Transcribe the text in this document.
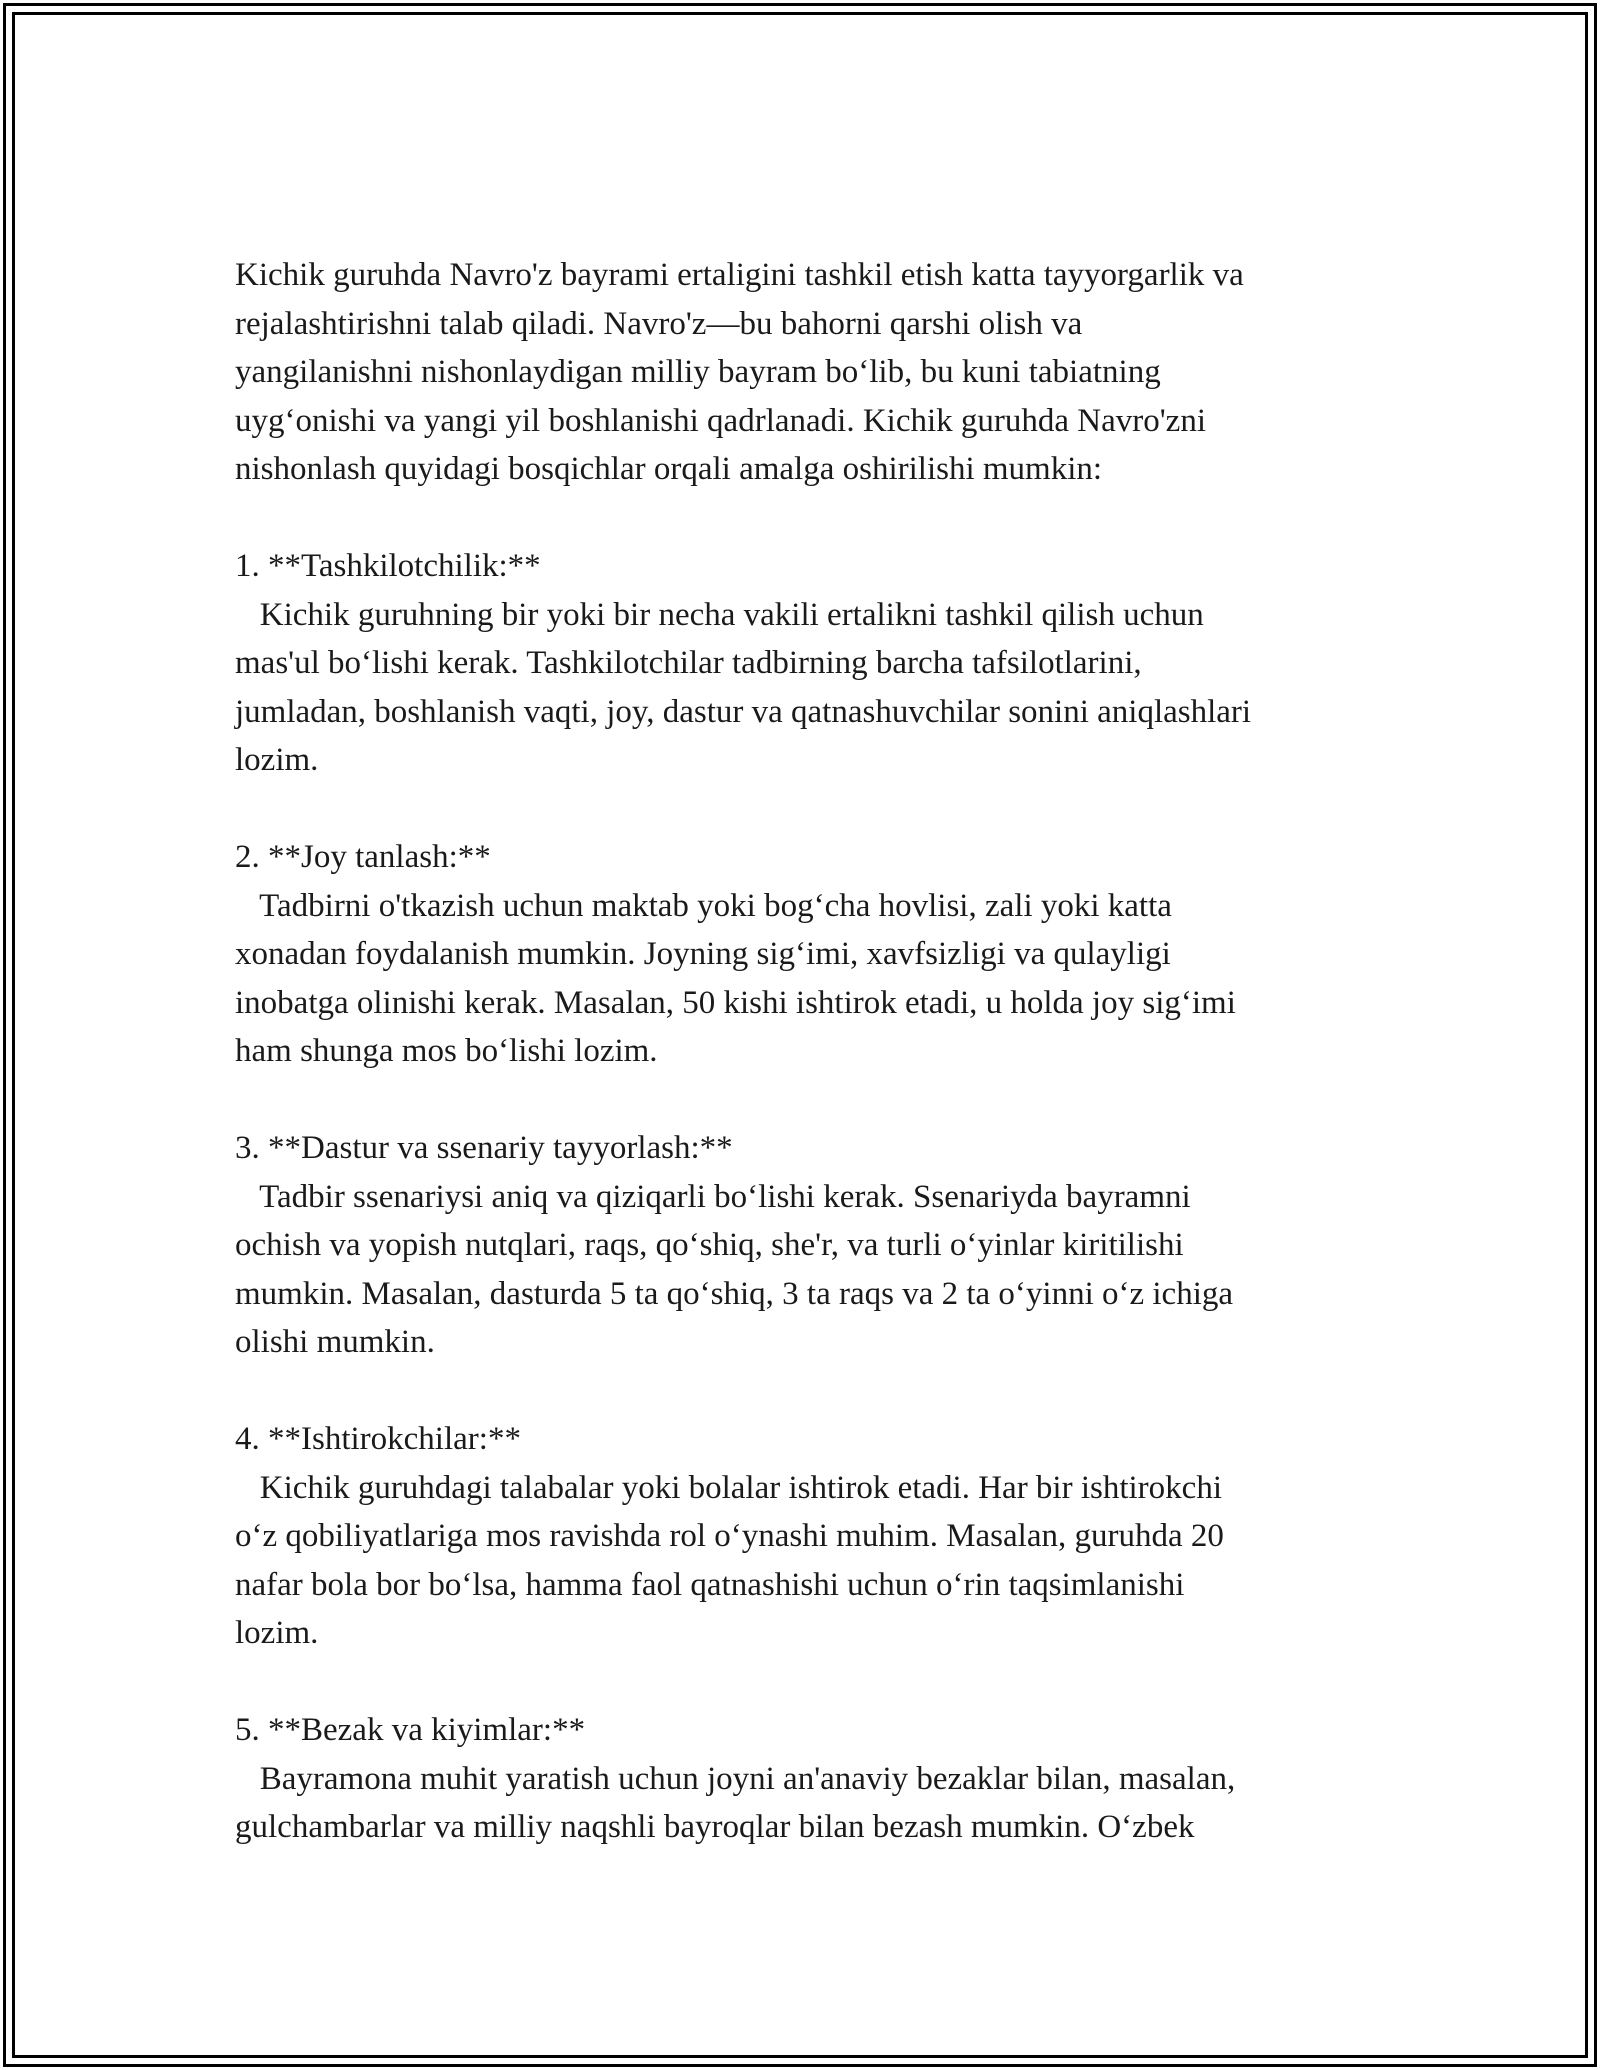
Kichik guruhda Navro'z bayrami ertaligini tashkil etish katta tayyorgarlik va
rejalashtirishni talab qiladi. Navro'z—bu bahorni qarshi olish va
yangilanishni nishonlaydigan milliy bayram bo‘lib, bu kuni tabiatning
uyg‘onishi va yangi yil boshlanishi qadrlanadi. Kichik guruhda Navro'zni
nishonlash quyidagi bosqichlar orqali amalga oshirilishi mumkin:
1. **Tashkilotchilik:**
Kichik guruhning bir yoki bir necha vakili ertalikni tashkil qilish uchun
mas'ul bo‘lishi kerak. Tashkilotchilar tadbirning barcha tafsilotlarini,
jumladan, boshlanish vaqti, joy, dastur va qatnashuvchilar sonini aniqlashlari
lozim.
2. **Joy tanlash:**
Tadbirni o'tkazish uchun maktab yoki bog‘cha hovlisi, zali yoki katta
xonadan foydalanish mumkin. Joyning sig‘imi, xavfsizligi va qulayligi
inobatga olinishi kerak. Masalan, 50 kishi ishtirok etadi, u holda joy sig‘imi
ham shunga mos bo‘lishi lozim.
3. **Dastur va ssenariy tayyorlash:**
Tadbir ssenariysi aniq va qiziqarli bo‘lishi kerak. Ssenariyda bayramni
ochish va yopish nutqlari, raqs, qo‘shiq, she'r, va turli o‘yinlar kiritilishi
mumkin. Masalan, dasturda 5 ta qo‘shiq, 3 ta raqs va 2 ta o‘yinni o‘z ichiga
olishi mumkin.
4. **Ishtirokchilar:**
Kichik guruhdagi talabalar yoki bolalar ishtirok etadi. Har bir ishtirokchi
o‘z qobiliyatlariga mos ravishda rol o‘ynashi muhim. Masalan, guruhda 20
nafar bola bor bo‘lsa, hamma faol qatnashishi uchun o‘rin taqsimlanishi
lozim.
5. **Bezak va kiyimlar:**
Bayramona muhit yaratish uchun joyni an'anaviy bezaklar bilan, masalan,
gulchambarlar va milliy naqshli bayroqlar bilan bezash mumkin. O‘zbek
